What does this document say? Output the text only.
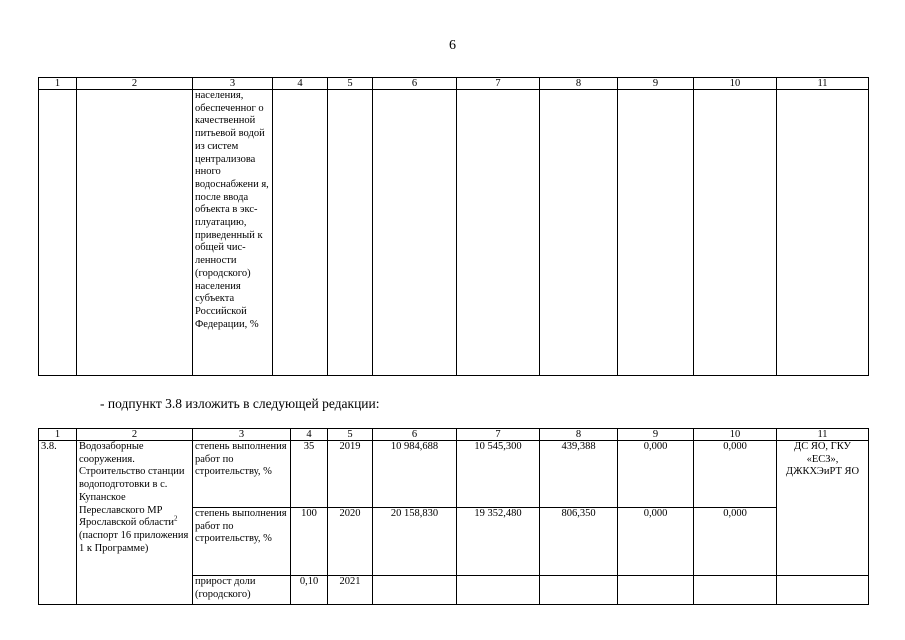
6
1	2	3	4	5	6	7	8	9	10	11
		населения, обеспеченног о качественной питьевой водой из систем централизова нного водоснабжени я, после ввода объекта в экс-плуатацию, приведенный к общей чис-ленности (городского) населения субъекта Российской Федерации, %								
- подпункт 3.8 изложить в следующей редакции:
1	2	3	4	5	6	7	8	9	10	11
3.8.	Водозаборные сооружения. Строительство станции водоподготовки в с. Купанское Переславского МР Ярославской области$^2$ (паспорт 16 приложения 1 к Программе)	степень выполнения работ по строительству, %	35	2019	10 984,688	10 545,300	439,388	0,000	0,000	ДС ЯО, ГКУ «ЕСЗ», ДЖКХЭиРТ ЯО
		степень выполнения работ по строительству, %	100	2020	20 158,830	19 352,480	806,350	0,000	0,000	
		прирост доли (городского)	0,10	2021						
